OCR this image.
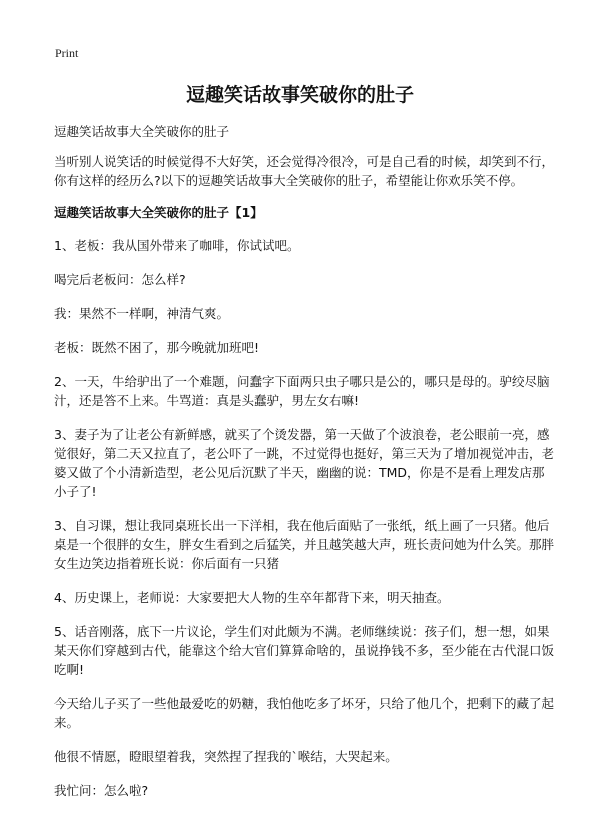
Print
逗趣笑话故事笑破你的肚子

逗趣笑话故事大全笑破你的肚子

当听别人说笑话的时候觉得不大好笑，还会觉得冷很冷，可是自己看的时候，却笑到不行，你有这样的经历么?以下的逗趣笑话故事大全笑破你的肚子，希望能让你欢乐笑不停。

逗趣笑话故事大全笑破你的肚子【1】

1、老板：我从国外带来了咖啡，你试试吧。

喝完后老板问：怎么样?

我：果然不一样啊，神清气爽。

老板：既然不困了，那今晚就加班吧!

2、一天，牛给驴出了一个难题，问蠢字下面两只虫子哪只是公的，哪只是母的。驴绞尽脑汁，还是答不上来。牛骂道：真是头蠢驴，男左女右嘛!

3、妻子为了让老公有新鲜感，就买了个烫发器，第一天做了个波浪卷，老公眼前一亮，感觉很好，第二天又拉直了，老公吓了一跳，不过觉得也挺好，第三天为了增加视觉冲击，老婆又做了个小清新造型，老公见后沉默了半天，幽幽的说：TMD，你是不是看上理发店那小子了!

3、自习课，想让我同桌班长出一下洋相，我在他后面贴了一张纸，纸上画了一只猪。他后桌是一个很胖的女生，胖女生看到之后猛笑，并且越笑越大声，班长责问她为什么笑。那胖女生边笑边指着班长说：你后面有一只猪

4、历史课上，老师说：大家要把大人物的生卒年都背下来，明天抽查。

5、话音刚落，底下一片议论，学生们对此颇为不满。老师继续说：孩子们，想一想，如果某天你们穿越到古代，能靠这个给大官们算算命啥的，虽说挣钱不多，至少能在古代混口饭吃啊!

今天给儿子买了一些他最爱吃的奶糖，我怕他吃多了坏牙，只给了他几个，把剩下的藏了起来。

他很不情愿，瞪眼望着我，突然捏了捏我的`喉结，大哭起来。

我忙问：怎么啦?
